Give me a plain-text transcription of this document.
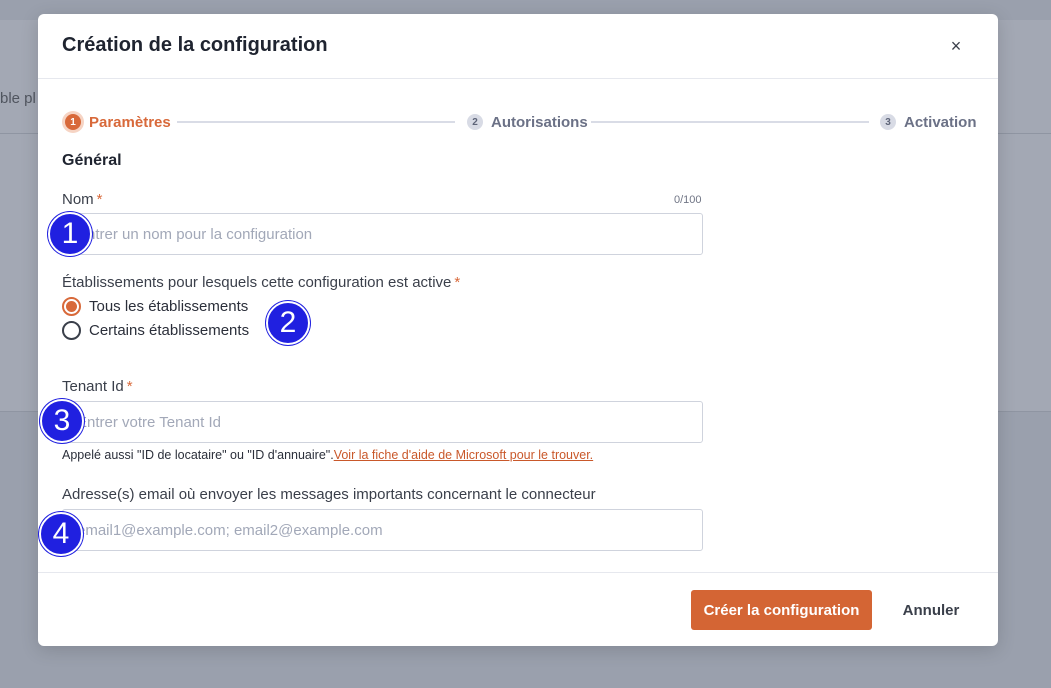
ble pl
Création de la configuration	×
1 Paramètres	2 Autorisations	3 Activation
Général
Nom *	0/100
Entrer un nom pour la configuration
Établissements pour lesquels cette configuration est active *
Tous les établissements
Certains établissements
Tenant Id *
Entrer votre Tenant Id
Appelé aussi "ID de locataire" ou "ID d'annuaire".Voir la fiche d'aide de Microsoft pour le trouver.
Adresse(s) email où envoyer les messages importants concernant le connecteur
email1@example.com; email2@example.com
Créer la configuration	Annuler
1
2
3
4
